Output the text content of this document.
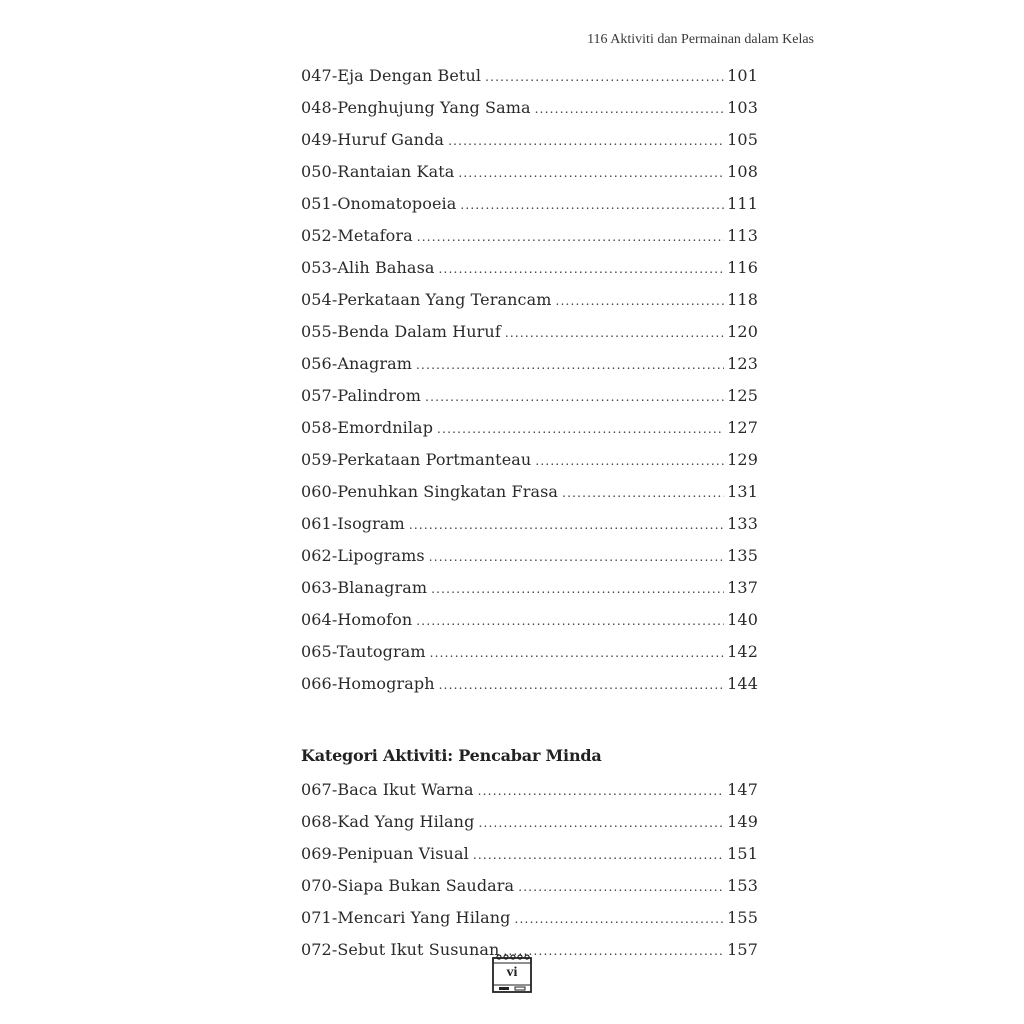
116 Aktiviti dan Permainan dalam Kelas
047-Eja Dengan Betul .....	101
048-Penghujung Yang Sama .....	103
049-Huruf Ganda .....	105
050-Rantaian Kata .....	108
051-Onomatopoeia .....	111
052-Metafora .....	113
053-Alih Bahasa .....	116
054-Perkataan Yang Terancam .....	118
055-Benda Dalam Huruf .....	120
056-Anagram .....	123
057-Palindrom .....	125
058-Emordnilap .....	127
059-Perkataan Portmanteau .....	129
060-Penuhkan Singkatan Frasa .....	131
061-Isogram .....	133
062-Lipograms .....	135
063-Blanagram .....	137
064-Homofon .....	140
065-Tautogram .....	142
066-Homograph .....	144
Kategori Aktiviti: Pencabar Minda
067-Baca Ikut Warna .....	147
068-Kad Yang Hilang .....	149
069-Penipuan Visual .....	151
070-Siapa Bukan Saudara .....	153
071-Mencari Yang Hilang .....	155
072-Sebut Ikut Susunan .....	157
vi
